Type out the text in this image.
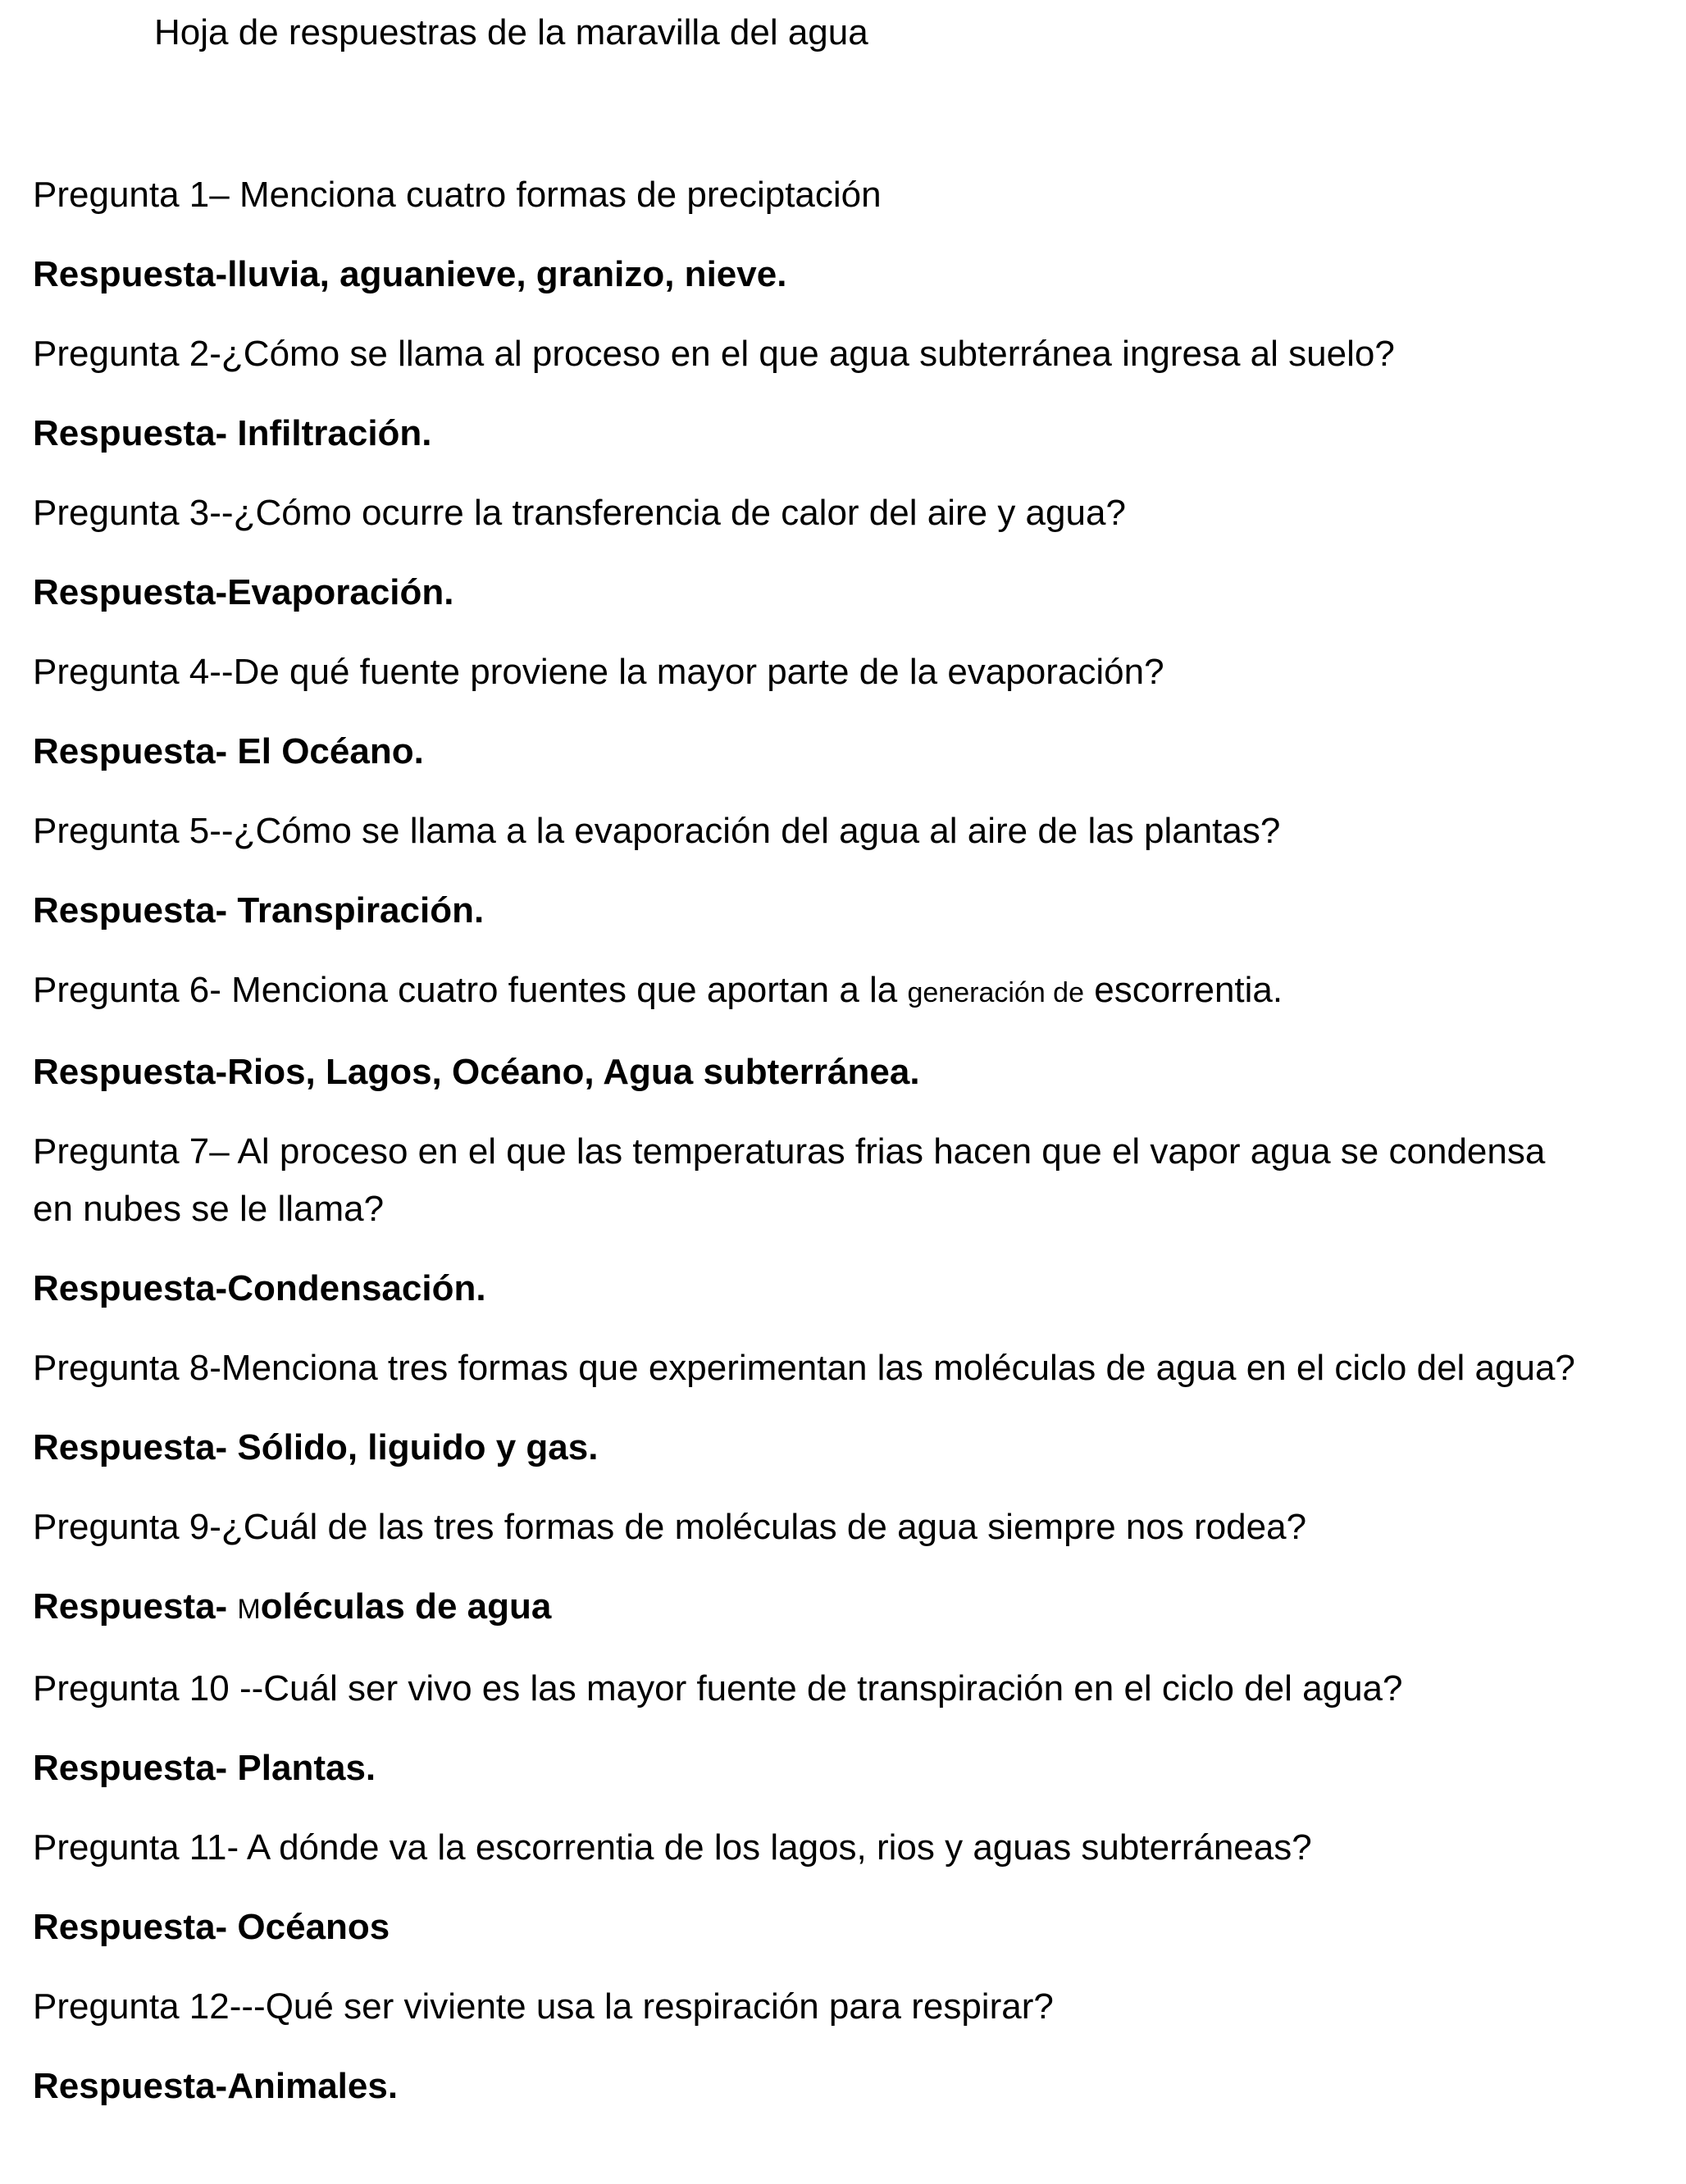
Hoja de respuestras de la maravilla del agua

Pregunta 1– Menciona cuatro formas de preciptación

Respuesta-lluvia, aguanieve, granizo, nieve.

Pregunta 2-¿Cómo se llama al proceso en el que agua subterránea ingresa al suelo?

Respuesta- Infiltración.

Pregunta 3--¿Cómo ocurre la transferencia de calor del aire y agua?

Respuesta-Evaporación.

Pregunta 4--De qué fuente proviene la mayor parte de la evaporación?

Respuesta- El Océano.

Pregunta 5--¿Cómo se llama a la evaporación del agua al aire de las plantas?

Respuesta- Transpiración.

Pregunta 6- Menciona cuatro fuentes que aportan a la generación de escorrentia.

Respuesta-Rios, Lagos, Océano, Agua subterránea.

Pregunta 7– Al proceso en el que las temperaturas frias hacen que el vapor agua se condensa
en nubes se le llama?

Respuesta-Condensación.

Pregunta 8-Menciona tres formas que experimentan las moléculas de agua en el ciclo del agua?

Respuesta- Sólido, liguido y gas.

Pregunta 9-¿Cuál de las tres formas de moléculas de agua siempre nos rodea?

Respuesta- Moléculas de agua

Pregunta 10 --Cuál ser vivo es las mayor fuente de transpiración en el ciclo del agua?

Respuesta- Plantas.

Pregunta 11- A dónde va la escorrentia de los lagos, rios y aguas subterráneas?

Respuesta- Océanos

Pregunta 12---Qué ser viviente usa la respiración para respirar?

Respuesta-Animales.
